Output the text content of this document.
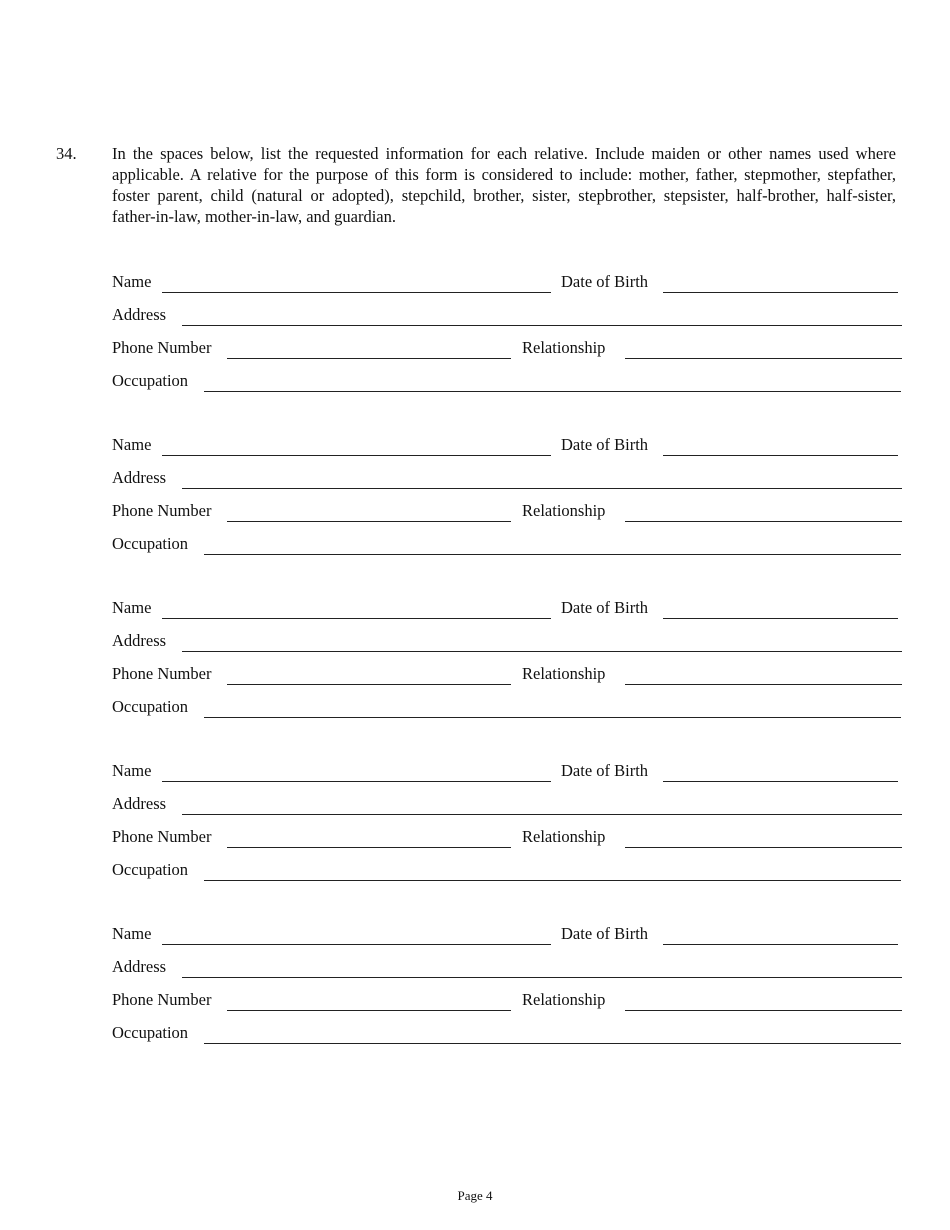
34. In the spaces below, list the requested information for each relative. Include maiden or other names used where applicable. A relative for the purpose of this form is considered to include: mother, father, stepmother, stepfather, foster parent, child (natural or adopted), stepchild, brother, sister, stepbrother, stepsister, half-brother, half-sister, father-in-law, mother-in-law, and guardian.
Name	Date of Birth
Address
Phone Number	Relationship
Occupation
Name	Date of Birth
Address
Phone Number	Relationship
Occupation
Name	Date of Birth
Address
Phone Number	Relationship
Occupation
Name	Date of Birth
Address
Phone Number	Relationship
Occupation
Name	Date of Birth
Address
Phone Number	Relationship
Occupation
Page 4
